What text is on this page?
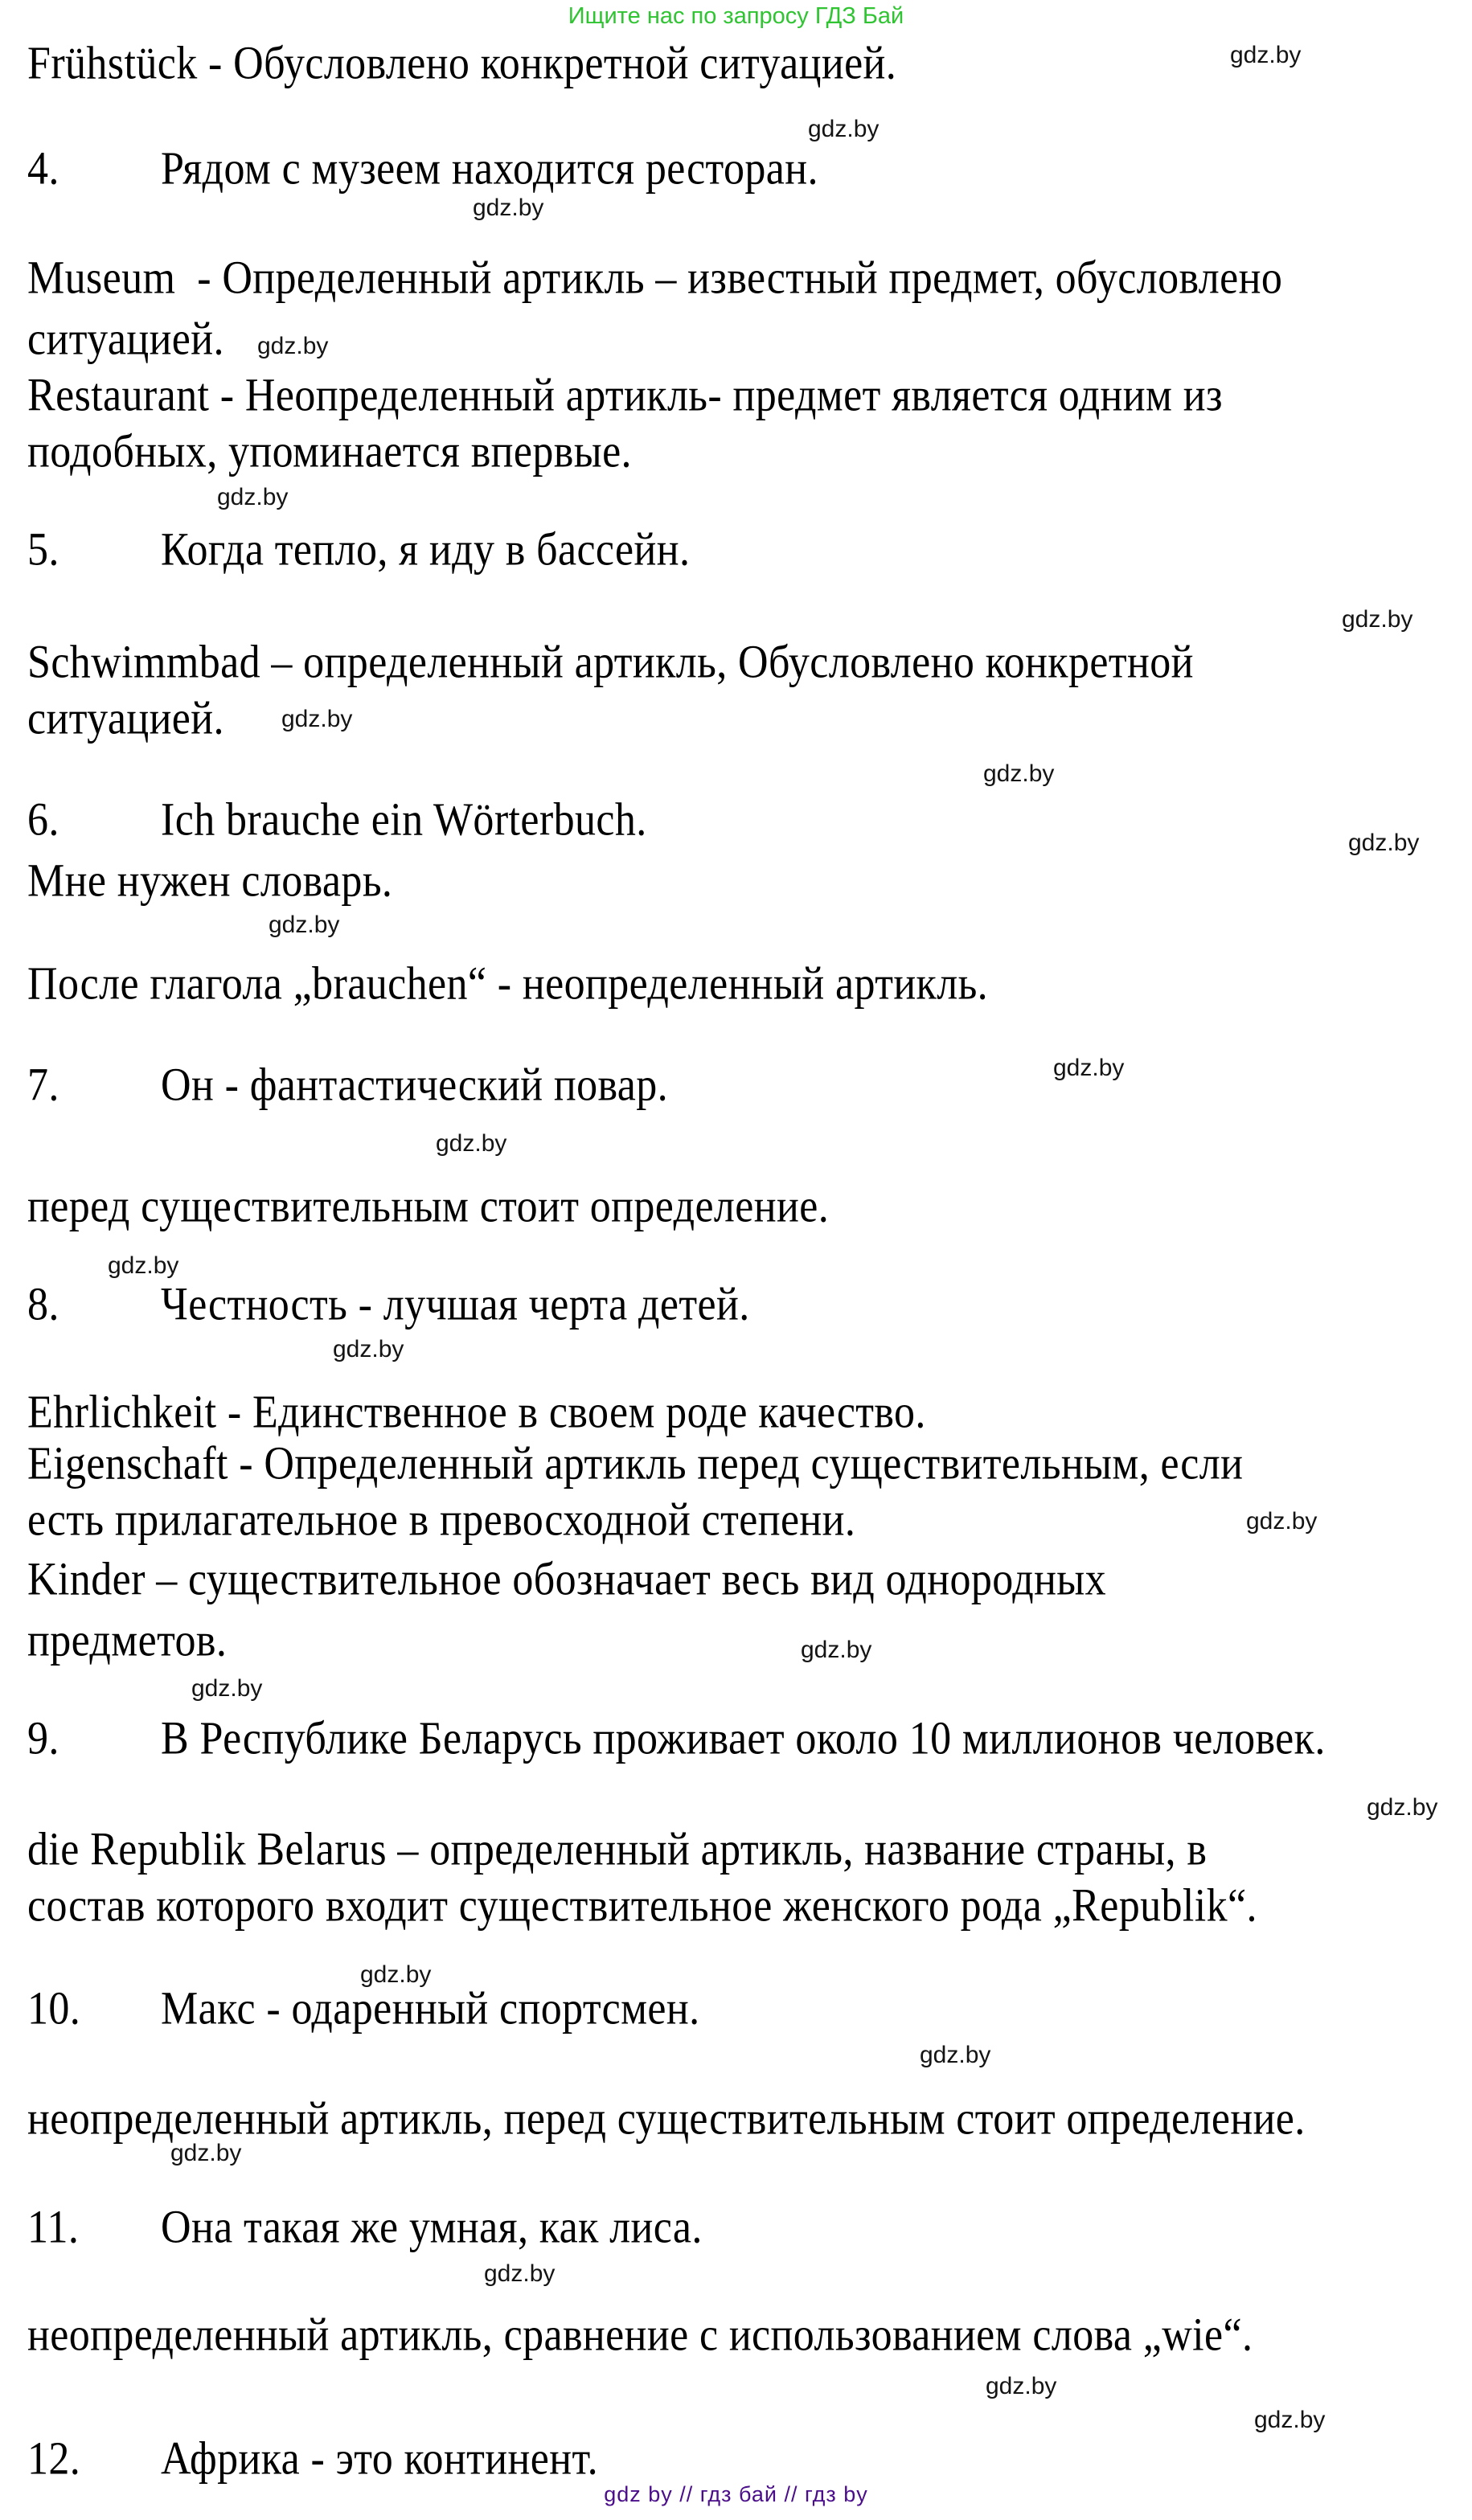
Ищите нас по запросу ГДЗ Бай
Frühstück - Обусловлено конкретной ситуацией.
4. Рядом с музеем находится ресторан.
Museum  - Определенный артикль – известный предмет, обусловлено
ситуацией.
Restaurant - Неопределенный артикль- предмет является одним из
подобных, упоминается впервые.
5. Когда тепло, я иду в бассейн.
Schwimmbad – определенный артикль, Обусловлено конкретной
ситуацией.
6. Ich brauche ein Wörterbuch.
Мне нужен словарь.
После глагола „brauchen“ - неопределенный артикль.
7. Он - фантастический повар.
перед существительным стоит определение.
8. Честность - лучшая черта детей.
Ehrlichkeit - Единственное в своем роде качество.
Eigenschaft - Определенный артикль перед существительным, если
есть прилагательное в превосходной степени.
Kinder – существительное обозначает весь вид однородных
предметов.
9. В Республике Беларусь проживает около 10 миллионов человек.
die Republik Belarus – определенный артикль, название страны, в
состав которого входит существительное женского рода „Republik“.
10. Макс - одаренный спортсмен.
неопределенный артикль, перед существительным стоит определение.
11. Она такая же умная, как лиса.
неопределенный артикль, сравнение с использованием слова „wie“.
12. Африка - это континент.
gdz.by
gdz.by
gdz.by
gdz.by
gdz.by
gdz.by
gdz.by
gdz.by
gdz.by
gdz.by
gdz.by
gdz.by
gdz.by
gdz.by
gdz.by
gdz.by
gdz.by
gdz.by
gdz.by
gdz.by
gdz.by
gdz.by
gdz.by
gdz.by
gdz by // гдз бай // гдз by
